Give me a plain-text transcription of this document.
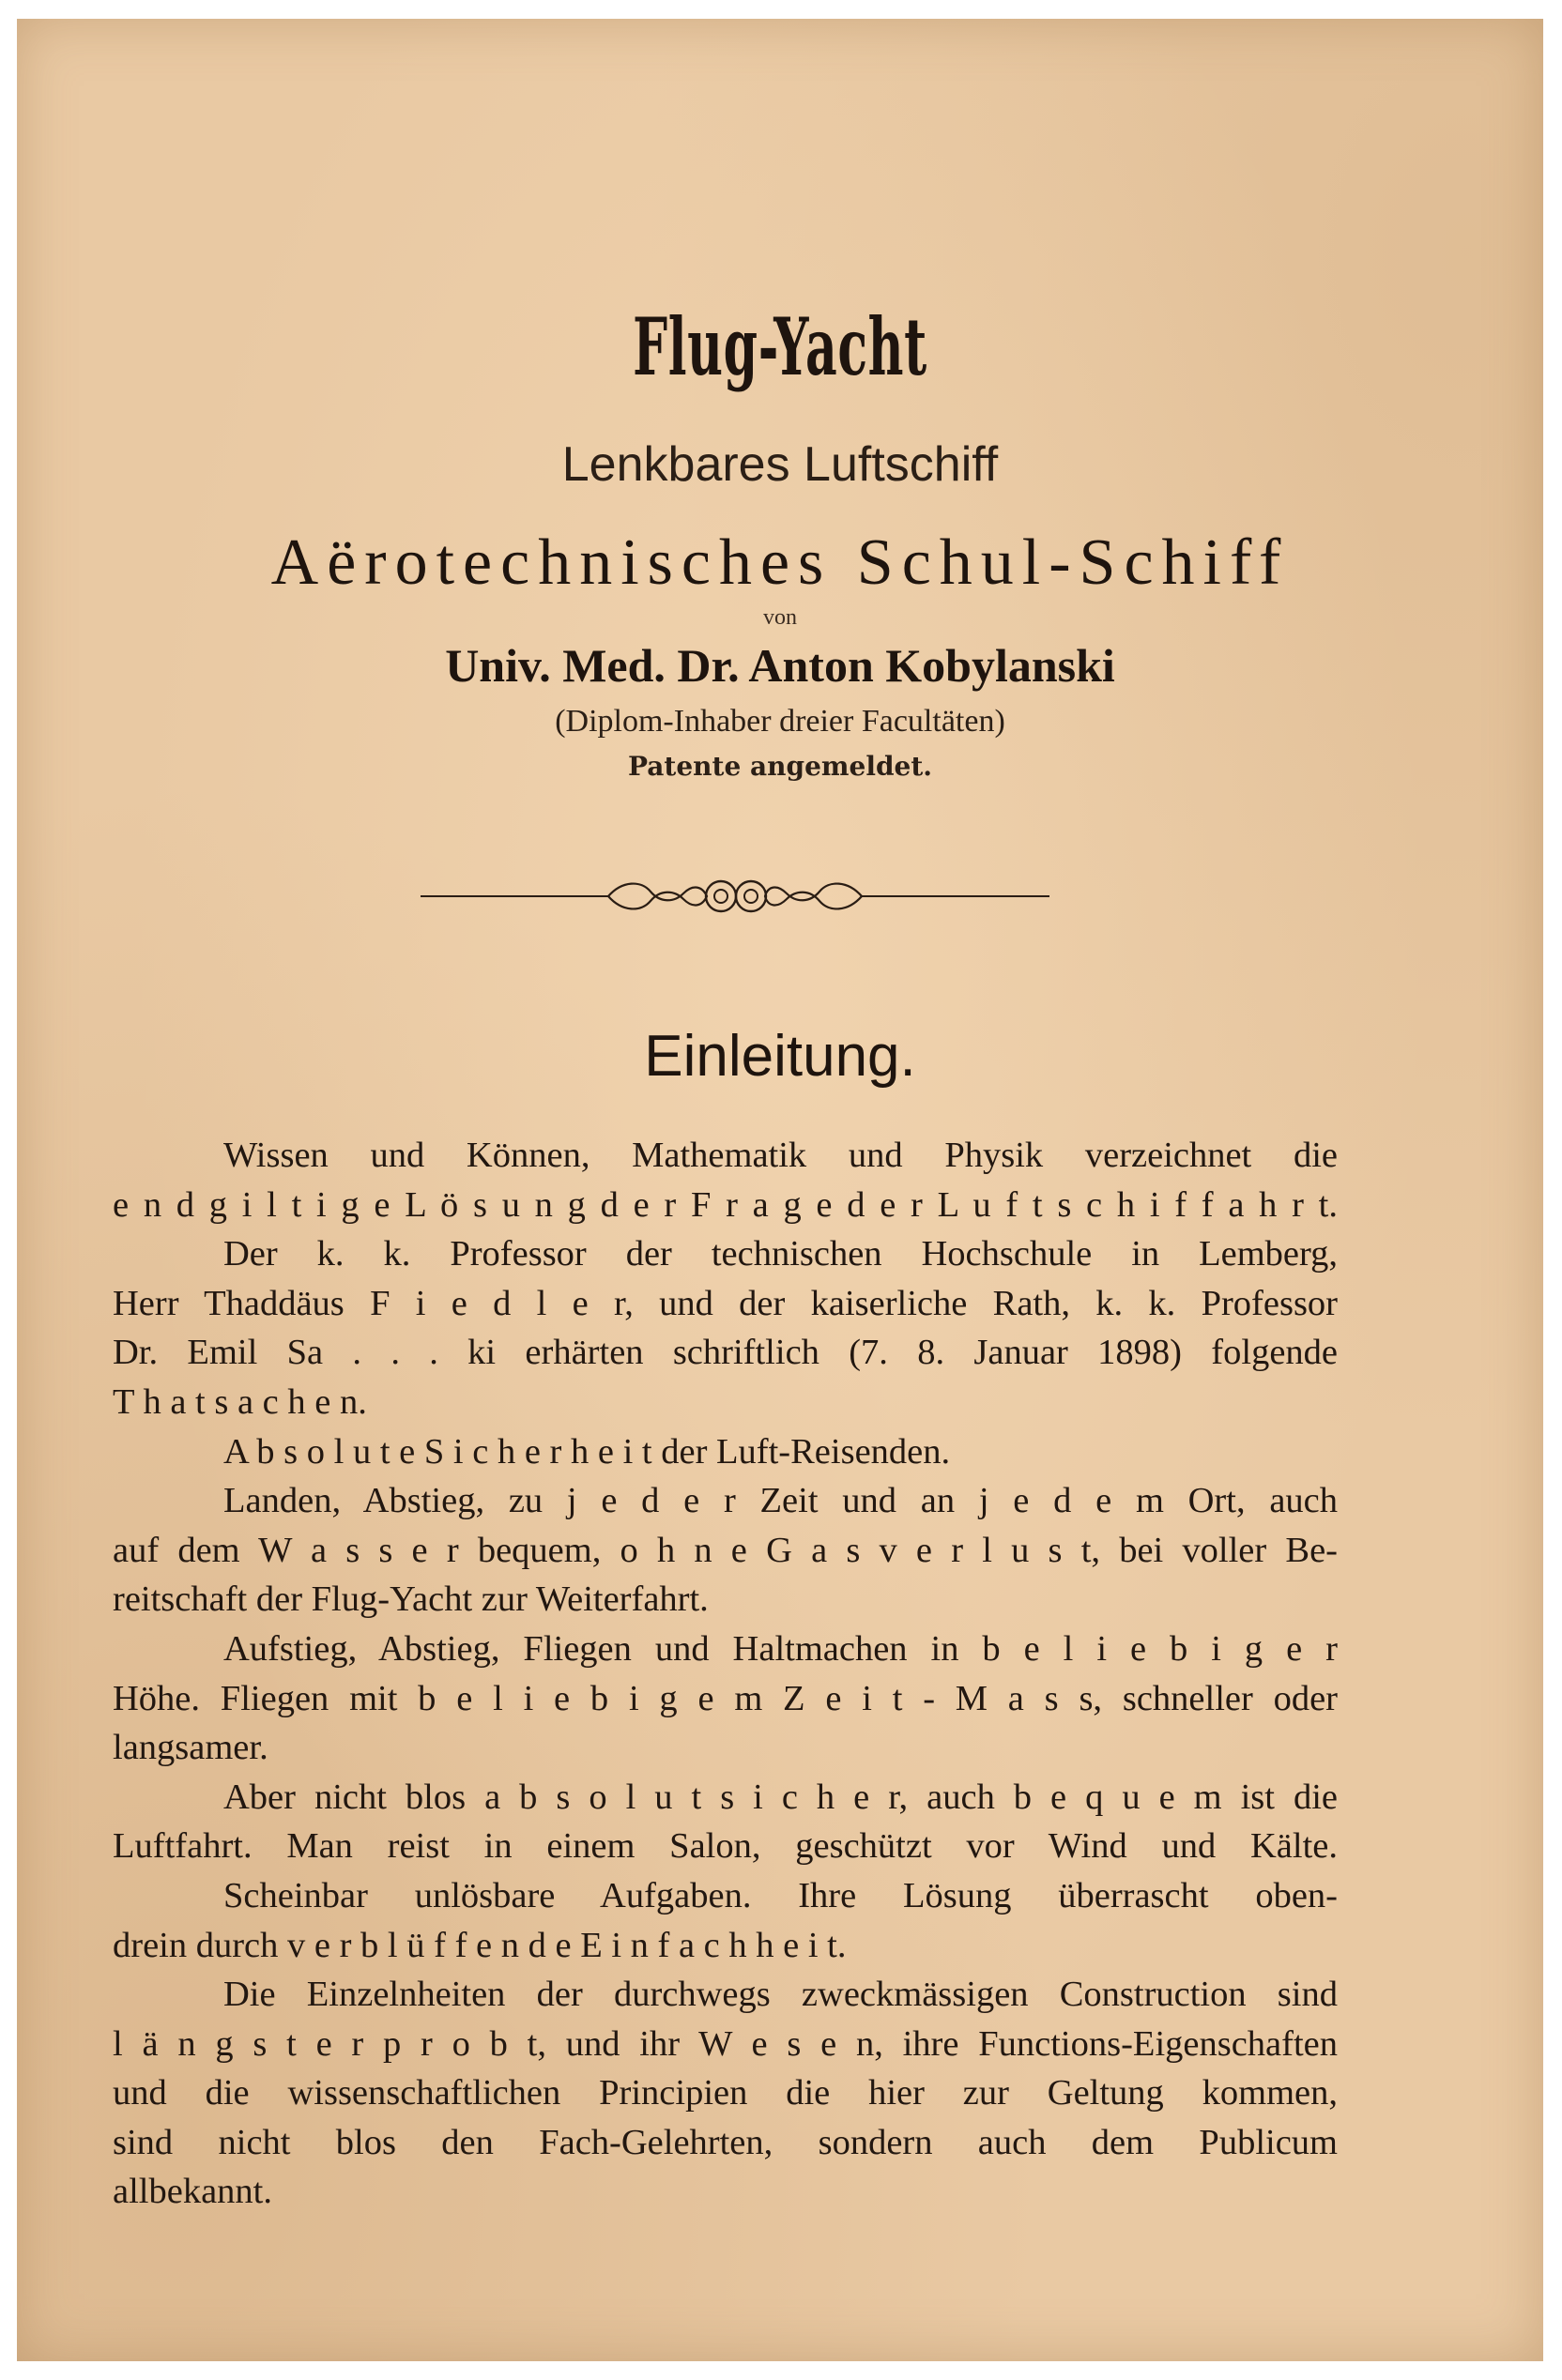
Flug-Yacht
Lenkbares Luftschiff
Aërotechnisches Schul-Schiff
von
Univ. Med. Dr. Anton Kobylanski
(Diplom-Inhaber dreier Facultäten)
Patente angemeldet.
Einleitung.
Wissen und Können, Mathematik und Physik verzeichnet die
e n d g i l t i g e L ö s u n g d e r F r a g e d e r L u f t s c h i f f a h r t.
Der k. k. Professor der technischen Hochschule in Lemberg,
Herr Thaddäus F i e d l e r, und der kaiserliche Rath, k. k. Professor
Dr. Emil Sa . . . ki erhärten schriftlich (7. 8. Januar 1898) folgende
T h a t s a c h e n.
A b s o l u t e S i c h e r h e i t der Luft-Reisenden.
Landen, Abstieg, zu j e d e r Zeit und an j e d e m Ort, auch
auf dem W a s s e r bequem, o h n e G a s v e r l u s t, bei voller Be-
reitschaft der Flug-Yacht zur Weiterfahrt.
Aufstieg, Abstieg, Fliegen und Haltmachen in b e l i e b i g e r
Höhe. Fliegen mit b e l i e b i g e m Z e i t - M a s s, schneller oder
langsamer.
Aber nicht blos a b s o l u t s i c h e r, auch b e q u e m ist die
Luftfahrt. Man reist in einem Salon, geschützt vor Wind und Kälte.
Scheinbar unlösbare Aufgaben. Ihre Lösung überrascht oben-
drein durch v e r b l ü f f e n d e E i n f a c h h e i t.
Die Einzelnheiten der durchwegs zweckmässigen Construction sind
l ä n g s t e r p r o b t, und ihr W e s e n, ihre Functions-Eigenschaften
und die wissenschaftlichen Principien die hier zur Geltung kommen,
sind nicht blos den Fach-Gelehrten, sondern auch dem Publicum
allbekannt.
